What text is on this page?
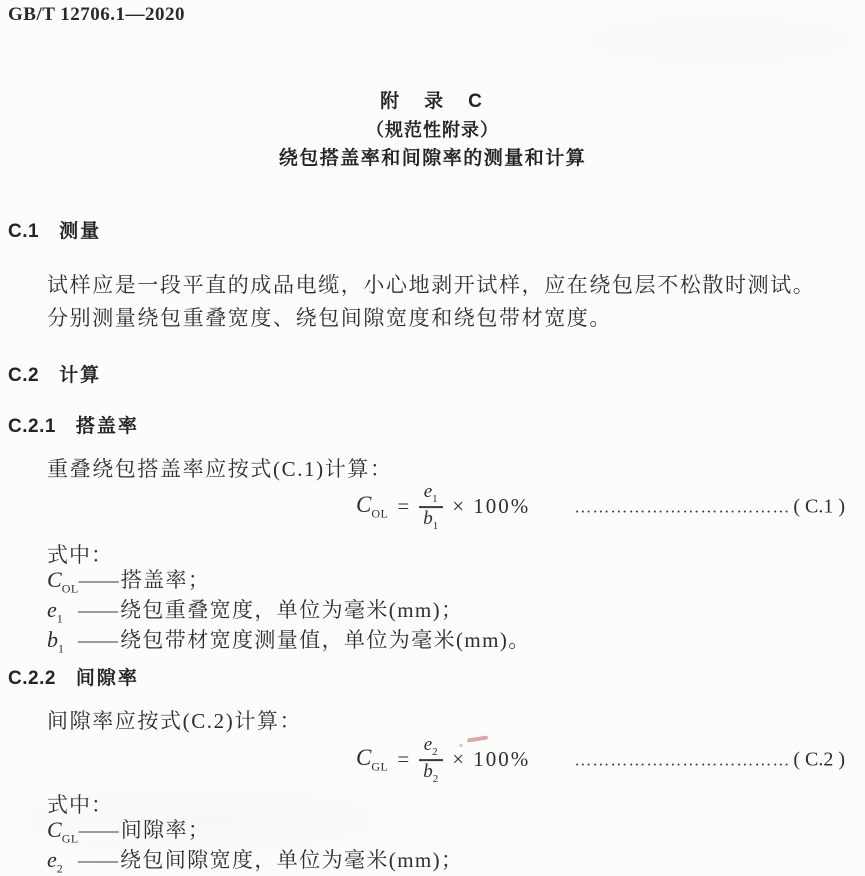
GB/T 12706.1—2020
附　录　C
（规范性附录）
绕包搭盖率和间隙率的测量和计算
C.1 测量
试样应是一段平直的成品电缆，小心地剥开试样，应在绕包层不松散时测试。
分别测量绕包重叠宽度、绕包间隙宽度和绕包带材宽度。
C.2 计算
C.2.1 搭盖率
重叠绕包搭盖率应按式(C.1)计算：
$C_{OL} = \frac{e_1}{b_1} \times 100\%$	……………………………… ( C.1 )
式中：
$C_{OL}$ —— 搭盖率；
$e_1$ —— 绕包重叠宽度，单位为毫米(mm)；
$b_1$ —— 绕包带材宽度测量值，单位为毫米(mm)。
C.2.2 间隙率
间隙率应按式(C.2)计算：
$C_{GL} = \frac{e_2}{b_2} \times 100\%$	……………………………… ( C.2 )
式中：
$C_{GL}$ —— 间隙率；
$e_2$ —— 绕包间隙宽度，单位为毫米(mm)；
